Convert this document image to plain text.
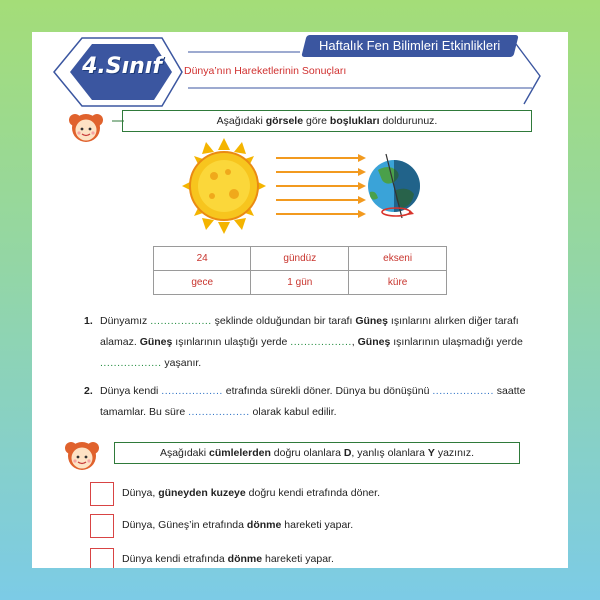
4.Sınıf
Haftalık Fen Bilimleri Etkinlikleri
Dünya’nın Hareketlerinin Sonuçları
Aşağıdaki görsele göre boşlukları doldurunuz.
24	gündüz	ekseni
gece	1 gün	küre
1. Dünyamız .................. şeklinde olduğundan bir tarafı Güneş ışınlarını alırken diğer tarafı alamaz. Güneş ışınlarının ulaştığı yerde .................., Güneş ışınlarının ulaşmadığı yerde .................. yaşanır.
2. Dünya kendi .................. etrafında sürekli döner. Dünya bu dönüşünü .................. saatte tamamlar. Bu süre .................. olarak kabul edilir.
Aşağıdaki cümlelerden doğru olanlara D, yanlış olanlara Y yazınız.
Dünya, güneyden kuzeye doğru kendi etrafında döner.
Dünya, Güneş’in etrafında dönme hareketi yapar.
Dünya kendi etrafında dönme hareketi yapar.
